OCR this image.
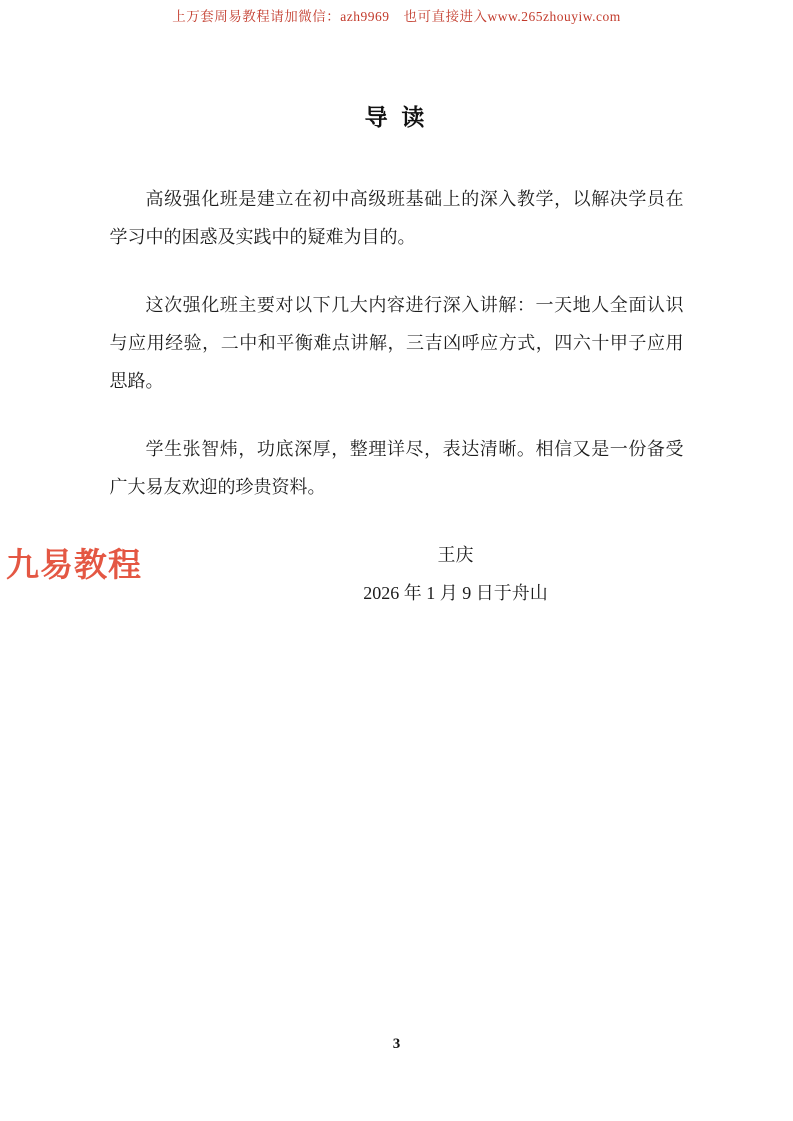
上万套周易教程请加微信：azh9969　也可直接进入www.265zhouyiw.com
导 读

高级强化班是建立在初中高级班基础上的深入教学，以解决学员在学习中的困惑及实践中的疑难为目的。

这次强化班主要对以下几大内容进行深入讲解：一天地人全面认识与应用经验，二中和平衡难点讲解，三吉凶呼应方式，四六十甲子应用思路。

学生张智炜，功底深厚，整理详尽，表达清晰。相信又是一份备受广大易友欢迎的珍贵资料。

王庆
2026 年 1 月 9 日于舟山
九易教程
3
